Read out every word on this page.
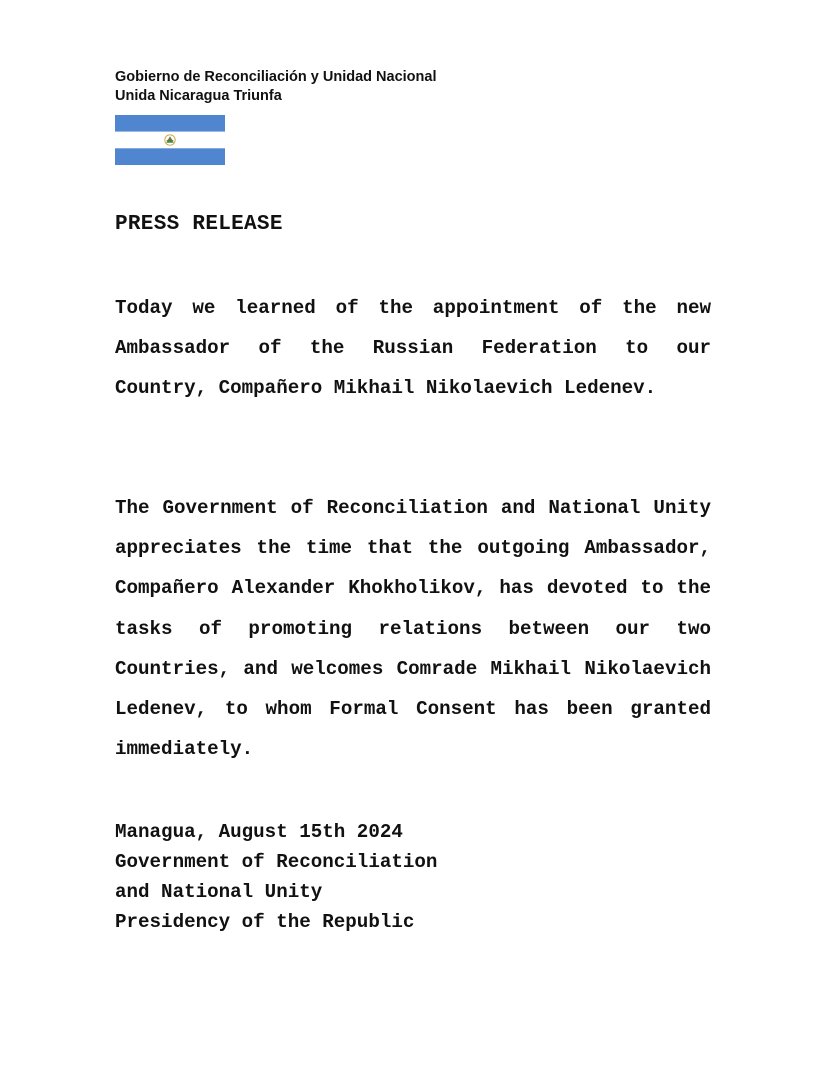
Gobierno de Reconciliación y Unidad Nacional
Unida Nicaragua Triunfa
PRESS RELEASE
Today we learned of the appointment of the new Ambassador of the Russian Federation to our Country, Compañero Mikhail Nikolaevich Ledenev.
The Government of Reconciliation and National Unity appreciates the time that the outgoing Ambassador, Compañero Alexander Khokholikov, has devoted to the tasks of promoting relations between our two Countries, and welcomes Comrade Mikhail Nikolaevich Ledenev, to whom Formal Consent has been granted immediately.
Managua, August 15th 2024
Government of Reconciliation
and National Unity
Presidency of the Republic
